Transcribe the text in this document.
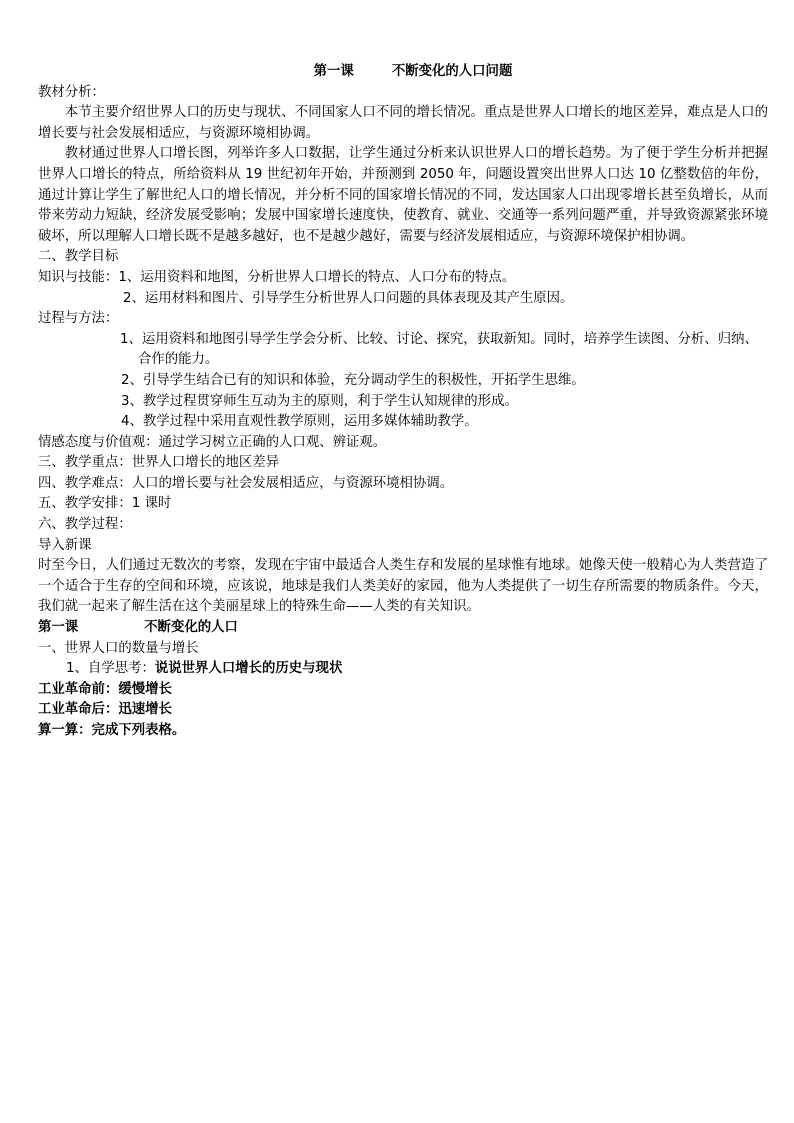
第一课	不断变化的人口问题
教材分析：
本节主要介绍世界人口的历史与现状、不同国家人口不同的增长情况。重点是世界人口增长的地区差异，难点是人口的增长要与社会发展相适应，与资源环境相协调。
教材通过世界人口增长图，列举许多人口数据，让学生通过分析来认识世界人口的增长趋势。为了便于学生分析并把握世界人口增长的特点，所给资料从 19 世纪初年开始，并预测到 2050 年，问题设置突出世界人口达 10 亿整数倍的年份，通过计算让学生了解世纪人口的增长情况，并分析不同的国家增长情况的不同，发达国家人口出现零增长甚至负增长，从而带来劳动力短缺，经济发展受影响；发展中国家增长速度快，使教育、就业、交通等一系列问题严重，并导致资源紧张环境破坏，所以理解人口增长既不是越多越好，也不是越少越好，需要与经济发展相适应，与资源环境保护相协调。
二、教学目标
知识与技能：1、运用资料和地图，分析世界人口增长的特点、人口分布的特点。
2、运用材料和图片、引导学生分析世界人口问题的具体表现及其产生原因。
过程与方法：
1、运用资料和地图引导学生学会分析、比较、讨论、探究，获取新知。同时，培养学生读图、分析、归纳、合作的能力。
2、引导学生结合已有的知识和体验，充分调动学生的积极性，开拓学生思维。
3、教学过程贯穿师生互动为主的原则，利于学生认知规律的形成。
4、教学过程中采用直观性教学原则，运用多媒体辅助教学。
情感态度与价值观：通过学习树立正确的人口观、辨证观。
三、教学重点：世界人口增长的地区差异
四、教学难点：人口的增长要与社会发展相适应，与资源环境相协调。
五、教学安排：1 课时
六、教学过程：
导入新课
时至今日，人们通过无数次的考察，发现在宇宙中最适合人类生存和发展的星球惟有地球。她像天使一般精心为人类营造了一个适合于生存的空间和环境，应该说，地球是我们人类美好的家园，他为人类提供了一切生存所需要的物质条件。今天，我们就一起来了解生活在这个美丽星球上的特殊生命——人类的有关知识。
第一课	不断变化的人口
一、世界人口的数量与增长
1、自学思考：说说世界人口增长的历史与现状
工业革命前：缓慢增长
工业革命后：迅速增长
算一算：完成下列表格。
